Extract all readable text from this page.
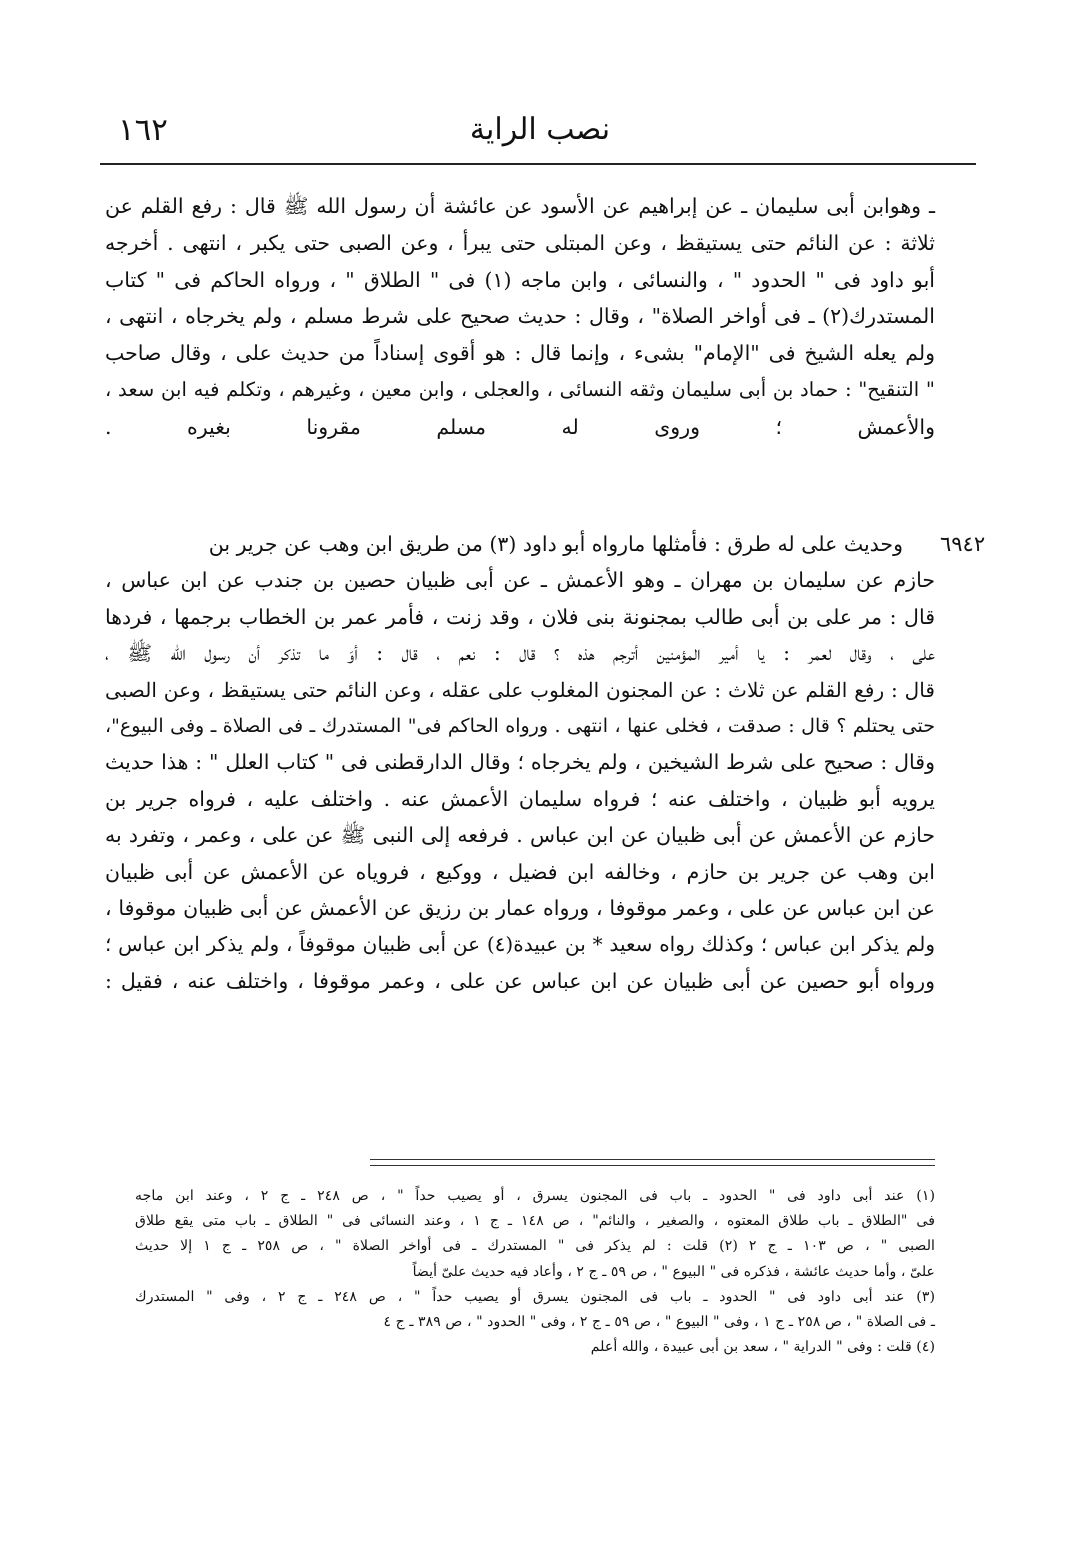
نصب الراية
١٦٢
ـ وهوابن أبى سليمان ـ عن إبراهيم عن الأسود عن عائشة أن رسول الله ﷺ قال : رفع القلم عن
ثلاثة : عن النائم حتى يستيقظ ، وعن المبتلى حتى يبرأ ، وعن الصبى حتى يكبر ، انتهى . أخرجه
أبو داود فى " الحدود " ، والنسائى ، وابن ماجه (١) فى " الطلاق " ، ورواه الحاكم فى " كتاب
المستدرك(٢) ـ فى أواخر الصلاة" ، وقال : حديث صحيح على شرط مسلم ، ولم يخرجاه ، انتهى ،
ولم يعله الشيخ فى "الإمام" بشىء ، وإنما قال : هو أقوى إسناداً من حديث على ، وقال صاحب
" التنقيح" : حماد بن أبى سليمان وثقه النسائى ، والعجلى ، وابن معين ، وغيرهم ، وتكلم فيه ابن سعد ،
والأعمش ؛ وروى له مسلم مقرونا بغيره .
٦٩٤٢
وحديث على له طرق : فأمثلها مارواه أبو داود (٣) من طريق ابن وهب عن جرير بن
حازم عن سليمان بن مهران ـ وهو الأعمش ـ عن أبى ظبيان حصين بن جندب عن ابن عباس ،
قال : مر على بن أبى طالب بمجنونة بنى فلان ، وقد زنت ، فأمر عمر بن الخطاب برجمها ، فردها
على ، وقال لعمر : يا أمير المؤمنين أترجم هذه ؟ قال : نعم ، قال : أوَ ما تذكر أن رسول الله ﷺ ،
قال : رفع القلم عن ثلاث : عن المجنون المغلوب على عقله ، وعن النائم حتى يستيقظ ، وعن الصبى
حتى يحتلم ؟ قال : صدقت ، فخلى عنها ، انتهى . ورواه الحاكم فى" المستدرك ـ فى الصلاة ـ وفى البيوع"،
وقال : صحيح على شرط الشيخين ، ولم يخرجاه ؛ وقال الدارقطنى فى " كتاب العلل " : هذا حديث
يرويه أبو ظبيان ، واختلف عنه ؛ فرواه سليمان الأعمش عنه . واختلف عليه ، فرواه جرير بن
حازم عن الأعمش عن أبى ظبيان عن ابن عباس . فرفعه إلى النبى ﷺ عن على ، وعمر ، وتفرد به
ابن وهب عن جرير بن حازم ، وخالفه ابن فضيل ، ووكيع ، فروياه عن الأعمش عن أبى ظبيان
عن ابن عباس عن على ، وعمر موقوفا ، ورواه عمار بن رزيق عن الأعمش عن أبى ظبيان موقوفا ،
ولم يذكر ابن عباس ؛ وكذلك رواه سعيد * بن عبيدة(٤) عن أبى ظبيان موقوفاً ، ولم يذكر ابن عباس ؛
ورواه أبو حصين عن أبى ظبيان عن ابن عباس عن على ، وعمر موقوفا ، واختلف عنه ، فقيل :
(١) عند أبى داود فى " الحدود ـ باب فى المجنون يسرق ، أو يصيب حداً " ، ص ٢٤٨ ـ ج ٢ ، وعند ابن ماجه
فى "الطلاق ـ باب طلاق المعتوه ، والصغير ، والنائم" ، ص ١٤٨ ـ ج ١ ، وعند النسائى فى " الطلاق ـ باب متى يقع طلاق
الصبى " ، ص ١٠٣ ـ ج ٢ (٢) قلت : لم يذكر فى " المستدرك ـ فى أواخر الصلاة " ، ص ٢٥٨ ـ ج ١ إلا حديث
علىّ ، وأما حديث عائشة ، فذكره فى " البيوع " ، ص ٥٩ ـ ج ٢ ، وأعاد فيه حديث علىّ أيضاً
(٣) عند أبى داود فى " الحدود ـ باب فى المجنون يسرق أو يصيب حداً " ، ص ٢٤٨ ـ ج ٢ ، وفى " المستدرك
ـ فى الصلاة " ، ص ٢٥٨ ـ ج ١ ، وفى " البيوع " ، ص ٥٩ ـ ج ٢ ، وفى " الحدود " ، ص ٣٨٩ ـ ج ٤
(٤) قلت : وفى " الدراية " ، سعد بن أبى عبيدة ، والله أعلم
